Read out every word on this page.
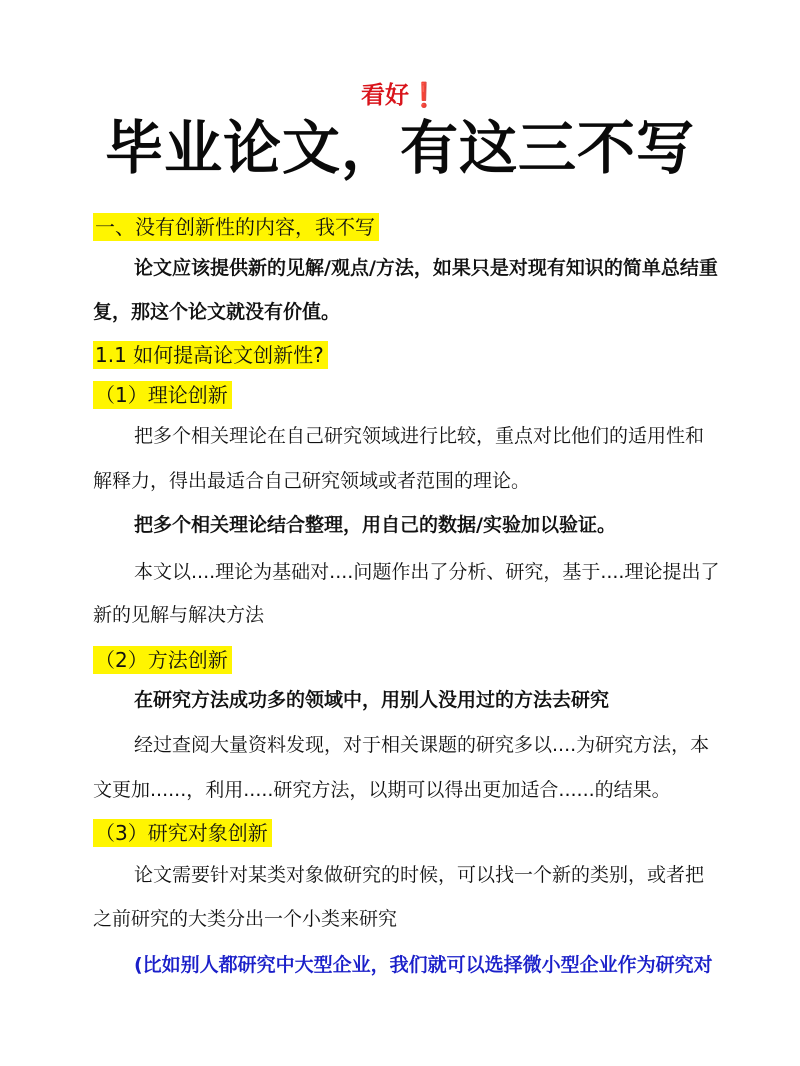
看好❗
毕业论文，有这三不写
一、没有创新性的内容，我不写
论文应该提供新的见解/观点/方法，如果只是对现有知识的简单总结重
复，那这个论文就没有价值。
1.1 如何提高论文创新性?
（1）理论创新
把多个相关理论在自己研究领域进行比较，重点对比他们的适用性和
解释力，得出最适合自己研究领域或者范围的理论。
把多个相关理论结合整理，用自己的数据/实验加以验证。
本文以....理论为基础对....问题作出了分析、研究，基于....理论提出了
新的见解与解决方法
（2）方法创新
在研究方法成功多的领域中，用别人没用过的方法去研究
经过查阅大量资料发现，对于相关课题的研究多以....为研究方法，本
文更加......，利用.....研究方法，以期可以得出更加适合......的结果。
（3）研究对象创新
论文需要针对某类对象做研究的时候，可以找一个新的类别，或者把
之前研究的大类分出一个小类来研究
(比如别人都研究中大型企业，我们就可以选择微小型企业作为研究对
